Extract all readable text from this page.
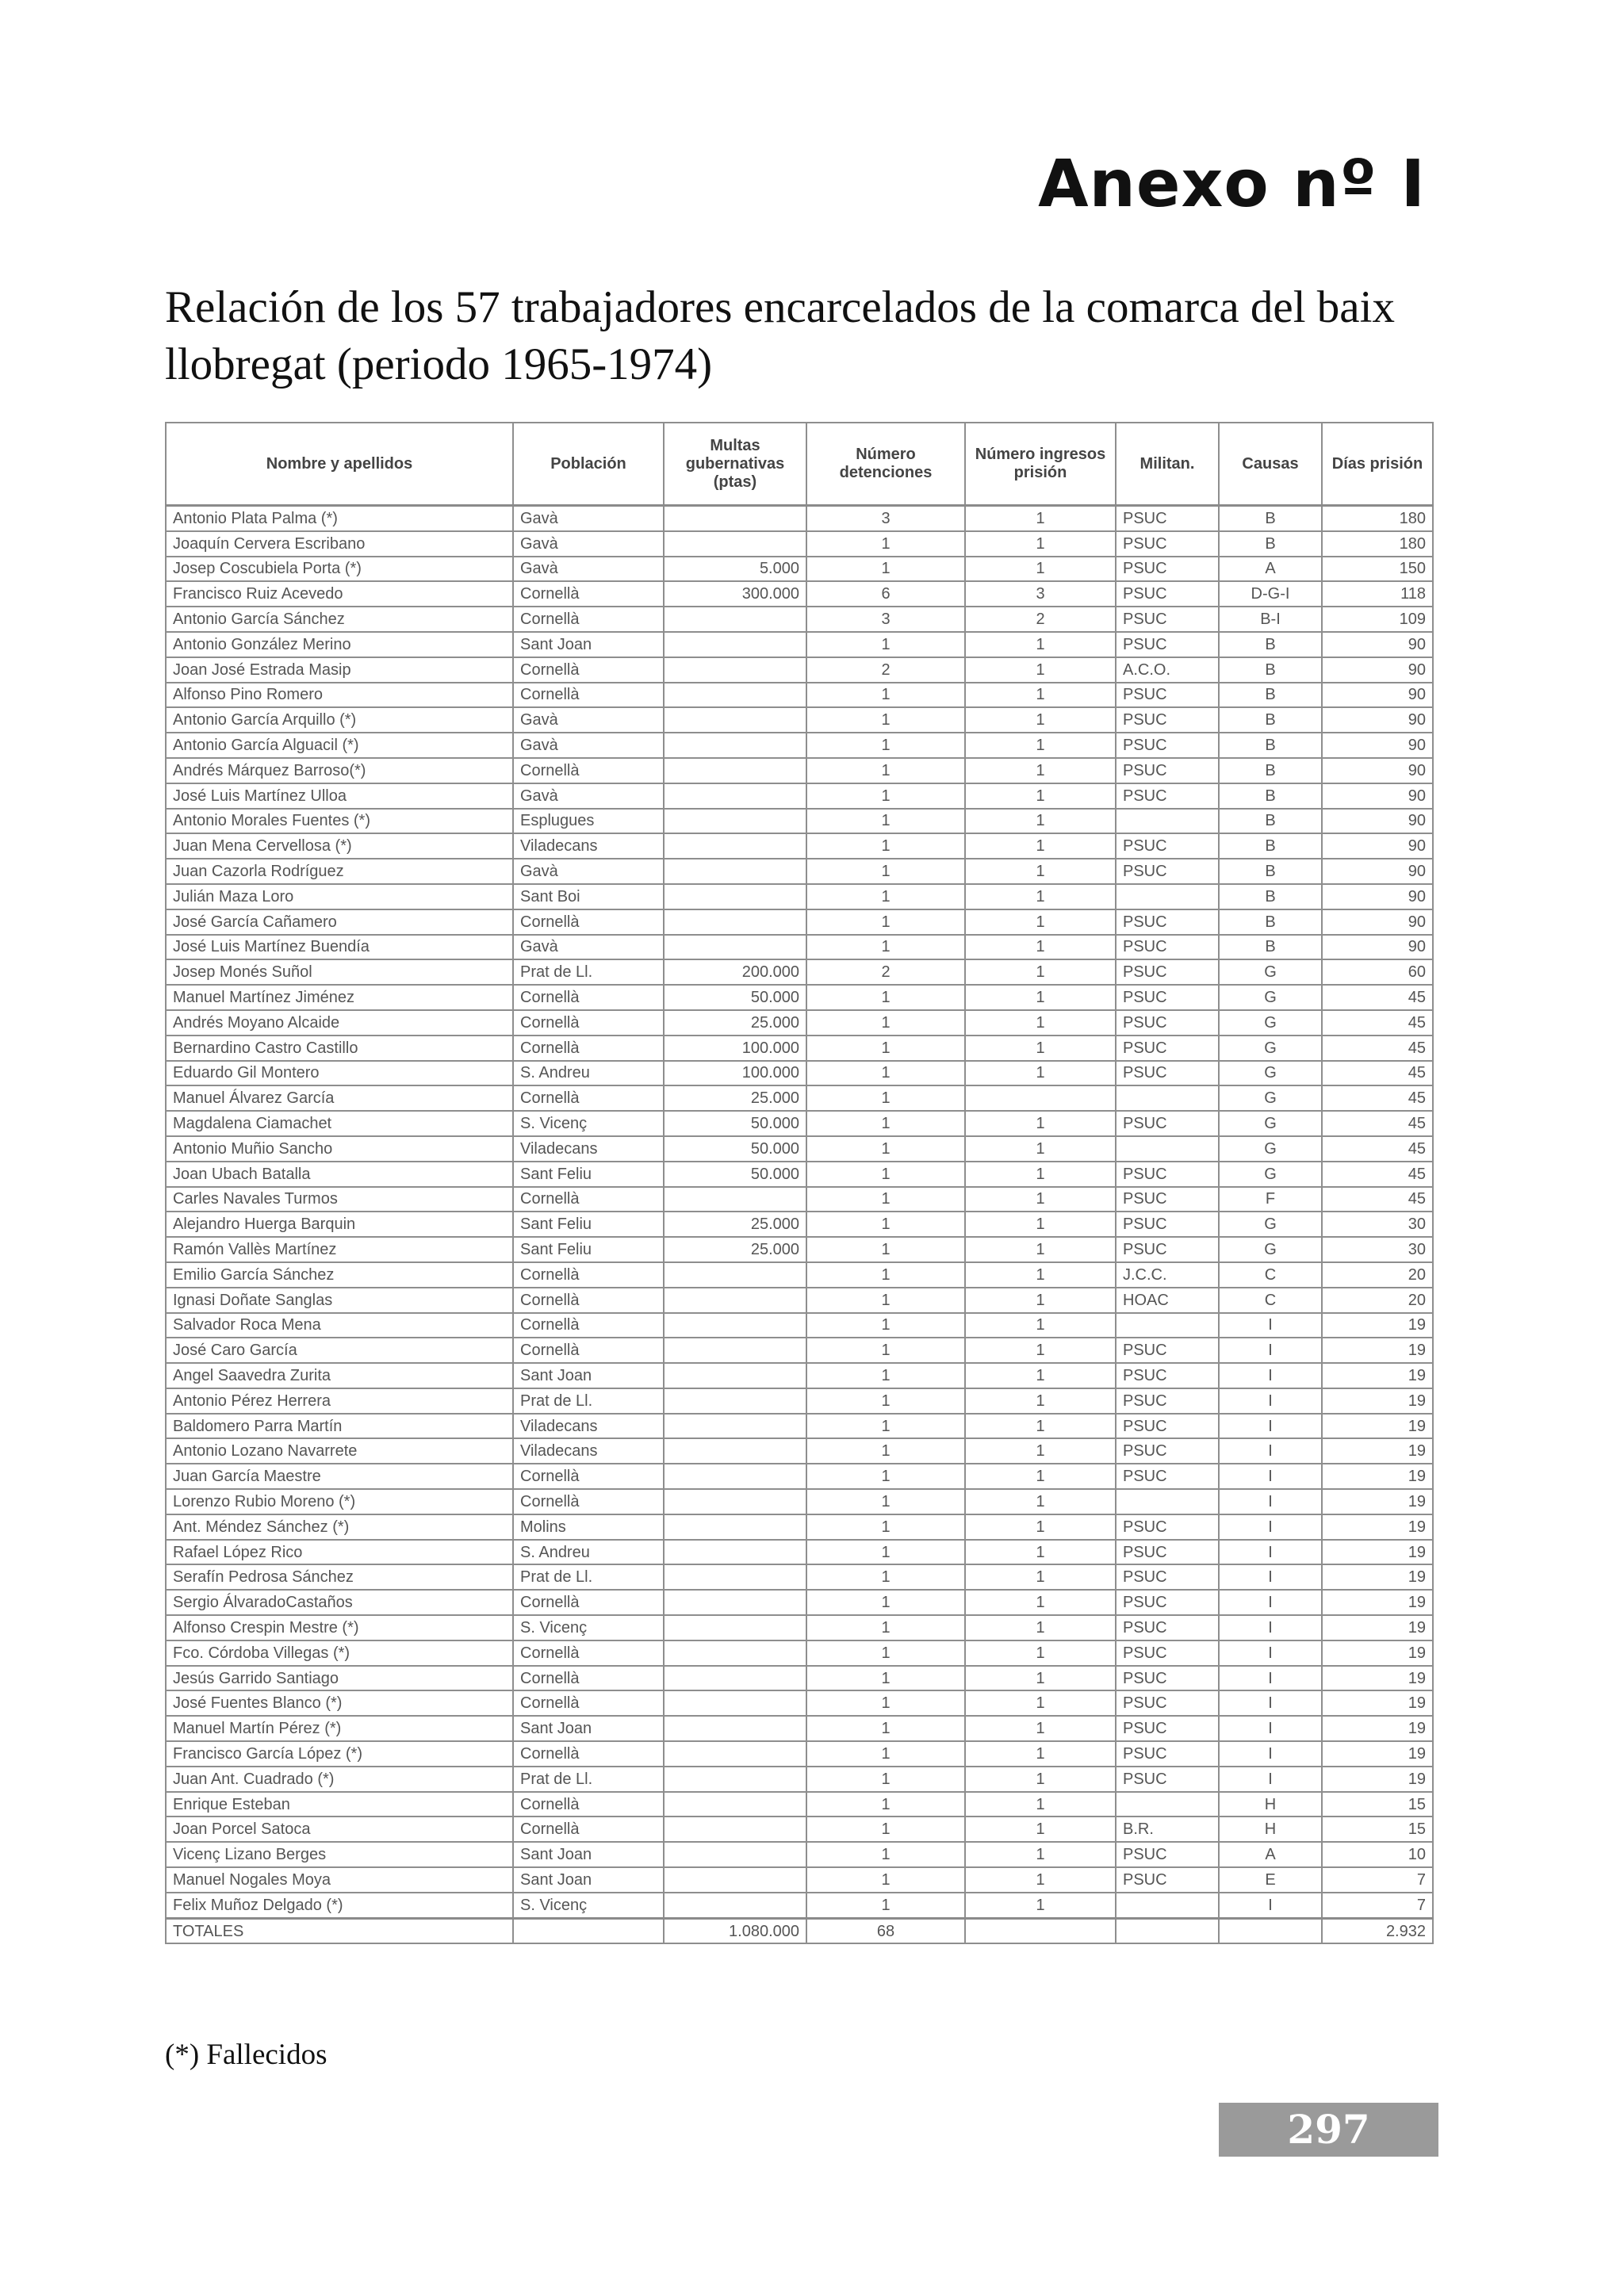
Anexo nº I
Relación de los 57 trabajadores encarcelados de la comarca del baix llobregat (periodo 1965-1974)
Nombre y apellidos	Población	Multas gubernativas (ptas)	Número detenciones	Número ingresos prisión	Militan.	Causas	Días prisión
Antonio Plata Palma (*)	Gavà		3	1	PSUC	B	180
Joaquín Cervera Escribano	Gavà		1	1	PSUC	B	180
Josep Coscubiela Porta (*)	Gavà	5.000	1	1	PSUC	A	150
Francisco Ruiz Acevedo	Cornellà	300.000	6	3	PSUC	D-G-I	118
Antonio García Sánchez	Cornellà		3	2	PSUC	B-I	109
Antonio González Merino	Sant Joan		1	1	PSUC	B	90
Joan José Estrada Masip	Cornellà		2	1	A.C.O.	B	90
Alfonso Pino Romero	Cornellà		1	1	PSUC	B	90
Antonio García Arquillo (*)	Gavà		1	1	PSUC	B	90
Antonio García Alguacil (*)	Gavà		1	1	PSUC	B	90
Andrés Márquez Barroso(*)	Cornellà		1	1	PSUC	B	90
José Luis Martínez Ulloa	Gavà		1	1	PSUC	B	90
Antonio Morales Fuentes (*)	Esplugues		1	1		B	90
Juan Mena Cervellosa (*)	Viladecans		1	1	PSUC	B	90
Juan Cazorla Rodríguez	Gavà		1	1	PSUC	B	90
Julián Maza Loro	Sant Boi		1	1		B	90
José García Cañamero	Cornellà		1	1	PSUC	B	90
José Luis Martínez Buendía	Gavà		1	1	PSUC	B	90
Josep Monés Suñol	Prat de Ll.	200.000	2	1	PSUC	G	60
Manuel Martínez Jiménez	Cornellà	50.000	1	1	PSUC	G	45
Andrés Moyano Alcaide	Cornellà	25.000	1	1	PSUC	G	45
Bernardino Castro Castillo	Cornellà	100.000	1	1	PSUC	G	45
Eduardo Gil Montero	S. Andreu	100.000	1	1	PSUC	G	45
Manuel Álvarez García	Cornellà	25.000	1			G	45
Magdalena Ciamachet	S. Vicenç	50.000	1	1	PSUC	G	45
Antonio Muñio Sancho	Viladecans	50.000	1	1		G	45
Joan Ubach Batalla	Sant Feliu	50.000	1	1	PSUC	G	45
Carles Navales Turmos	Cornellà		1	1	PSUC	F	45
Alejandro Huerga Barquin	Sant Feliu	25.000	1	1	PSUC	G	30
Ramón Vallès Martínez	Sant Feliu	25.000	1	1	PSUC	G	30
Emilio García Sánchez	Cornellà		1	1	J.C.C.	C	20
Ignasi Doñate Sanglas	Cornellà		1	1	HOAC	C	20
Salvador Roca Mena	Cornellà		1	1		I	19
José Caro García	Cornellà		1	1	PSUC	I	19
Angel Saavedra Zurita	Sant Joan		1	1	PSUC	I	19
Antonio Pérez Herrera	Prat de Ll.		1	1	PSUC	I	19
Baldomero Parra Martín	Viladecans		1	1	PSUC	I	19
Antonio Lozano Navarrete	Viladecans		1	1	PSUC	I	19
Juan García Maestre	Cornellà		1	1	PSUC	I	19
Lorenzo Rubio Moreno (*)	Cornellà		1	1		I	19
Ant. Méndez Sánchez (*)	Molins		1	1	PSUC	I	19
Rafael López Rico	S. Andreu		1	1	PSUC	I	19
Serafín Pedrosa Sánchez	Prat de Ll.		1	1	PSUC	I	19
Sergio ÁlvaradoCastaños	Cornellà		1	1	PSUC	I	19
Alfonso Crespin Mestre (*)	S. Vicenç		1	1	PSUC	I	19
Fco. Córdoba Villegas (*)	Cornellà		1	1	PSUC	I	19
Jesús Garrido Santiago	Cornellà		1	1	PSUC	I	19
José Fuentes Blanco (*)	Cornellà		1	1	PSUC	I	19
Manuel Martín Pérez (*)	Sant Joan		1	1	PSUC	I	19
Francisco García López (*)	Cornellà		1	1	PSUC	I	19
Juan Ant. Cuadrado (*)	Prat de Ll.		1	1	PSUC	I	19
Enrique Esteban	Cornellà		1	1		H	15
Joan Porcel Satoca	Cornellà		1	1	B.R.	H	15
Vicenç Lizano Berges	Sant Joan		1	1	PSUC	A	10
Manuel Nogales Moya	Sant Joan		1	1	PSUC	E	7
Felix Muñoz Delgado (*)	S. Vicenç		1	1		I	7
TOTALES		1.080.000	68				2.932
(*) Fallecidos
297
